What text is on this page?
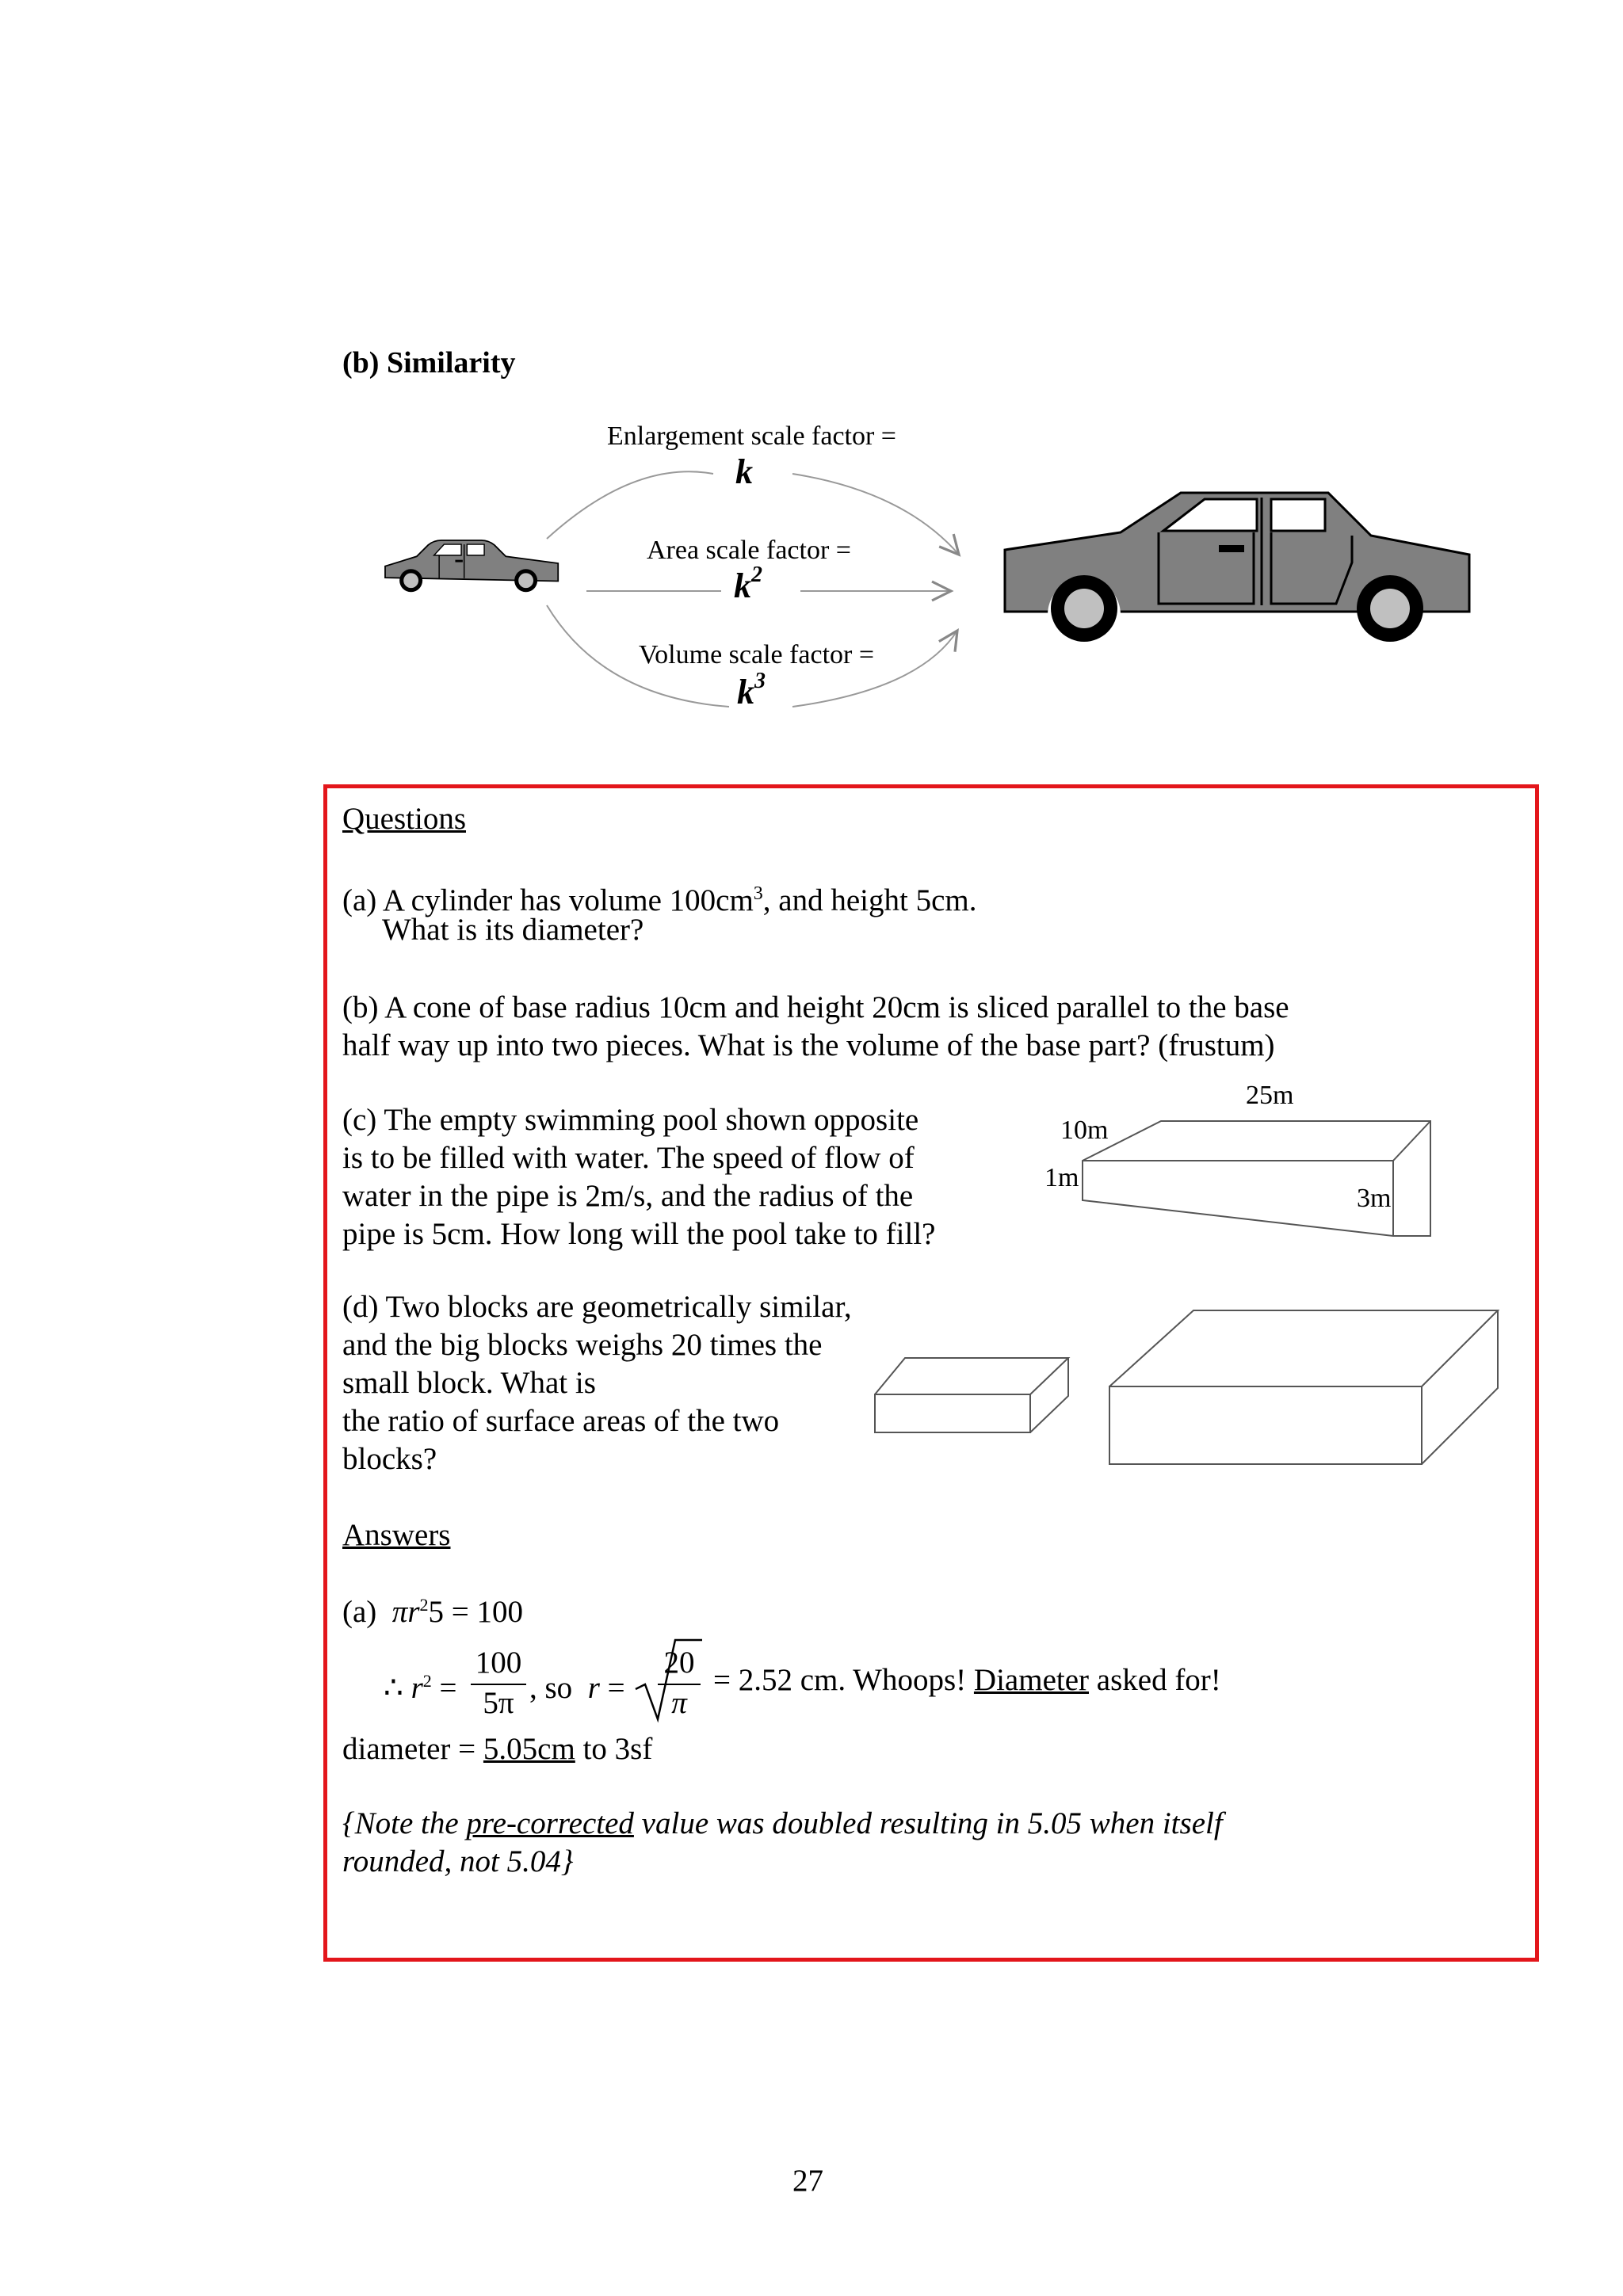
(b) Similarity
Enlargement scale factor =
k
Area scale factor =
$k^2$
Volume scale factor =
$k^3$
Questions
(a) A cylinder has volume $100cm^3$, and height 5cm.
What is its diameter?
(b) A cone of base radius 10cm and height 20cm is sliced parallel to the base
half way up into two pieces. What is the volume of the base part? (frustum)
(c) The empty swimming pool shown opposite
is to be filled with water. The speed of flow of
water in the pipe is 2m/s, and the radius of the
pipe is 5cm. How long will the pool take to fill?
25m
10m
1m
3m
(d) Two blocks are geometrically similar,
and the big blocks weighs 20 times the
small block. What is
the ratio of surface areas of the two
blocks?
Answers
(a) $\pi r^25 = 100$
∴ $r^2 = \frac{100}{5\pi}$ , so $r = \frac{20}{\pi} = 2.52$ cm. Whoops! Diameter asked for!
diameter = 5.05cm to 3sf
{Note the pre-corrected value was doubled resulting in 5.05 when itself
rounded, not 5.04}
27
